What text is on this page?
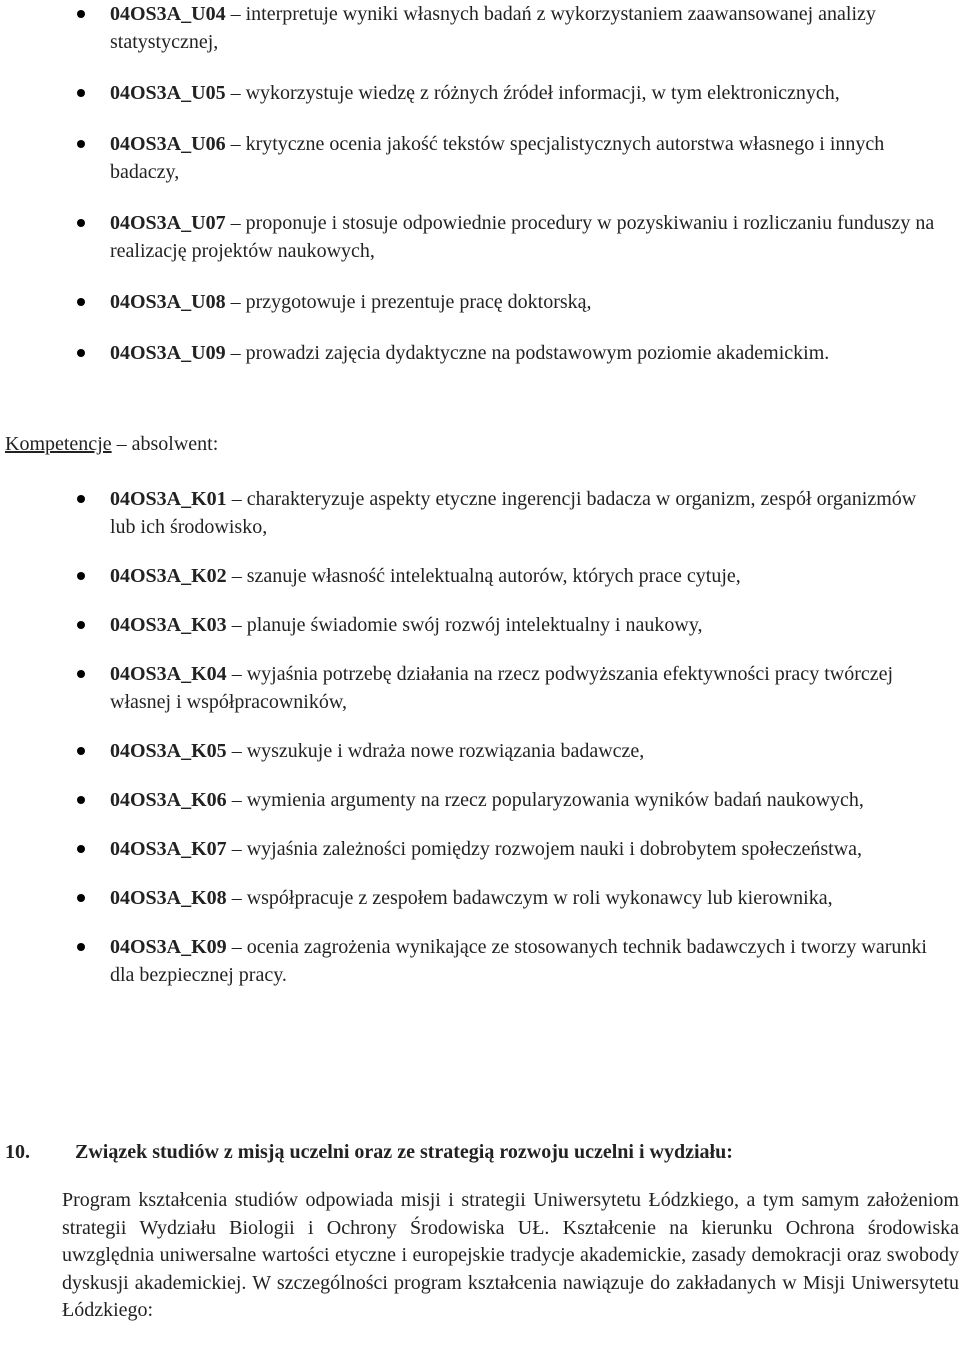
04OS3A_U04 – interpretuje wyniki własnych badań z wykorzystaniem zaawansowanej analizy statystycznej,
04OS3A_U05 – wykorzystuje wiedzę z różnych źródeł informacji, w tym elektronicznych,
04OS3A_U06 – krytyczne ocenia jakość tekstów specjalistycznych autorstwa własnego i innych badaczy,
04OS3A_U07 – proponuje i stosuje odpowiednie procedury w pozyskiwaniu i rozliczaniu funduszy na realizację projektów naukowych,
04OS3A_U08 – przygotowuje i prezentuje pracę doktorską,
04OS3A_U09 – prowadzi zajęcia dydaktyczne na podstawowym poziomie akademickim.
Kompetencje – absolwent:
04OS3A_K01 – charakteryzuje aspekty etyczne ingerencji badacza w organizm, zespół organizmów lub ich środowisko,
04OS3A_K02 – szanuje własność intelektualną autorów, których prace cytuje,
04OS3A_K03 – planuje świadomie swój rozwój intelektualny i naukowy,
04OS3A_K04 – wyjaśnia potrzebę działania na rzecz podwyższania efektywności pracy twórczej własnej i współpracowników,
04OS3A_K05 – wyszukuje i wdraża nowe rozwiązania badawcze,
04OS3A_K06 – wymienia argumenty na rzecz popularyzowania wyników badań naukowych,
04OS3A_K07 – wyjaśnia zależności pomiędzy rozwojem nauki i dobrobytem społeczeństwa,
04OS3A_K08 – współpracuje z zespołem badawczym w roli wykonawcy lub kierownika,
04OS3A_K09 – ocenia zagrożenia wynikające ze stosowanych technik badawczych i tworzy warunki dla bezpiecznej pracy.
10. Związek studiów z misją uczelni oraz ze strategią rozwoju uczelni i wydziału:

Program kształcenia studiów odpowiada misji i strategii Uniwersytetu Łódzkiego, a tym samym założeniom strategii Wydziału Biologii i Ochrony Środowiska UŁ. Kształcenie na kierunku Ochrona środowiska uwzględnia uniwersalne wartości etyczne i europejskie tradycje akademickie, zasady demokracji oraz swobody dyskusji akademickiej. W szczególności program kształcenia nawiązuje do zakładanych w Misji Uniwersytetu Łódzkiego:
